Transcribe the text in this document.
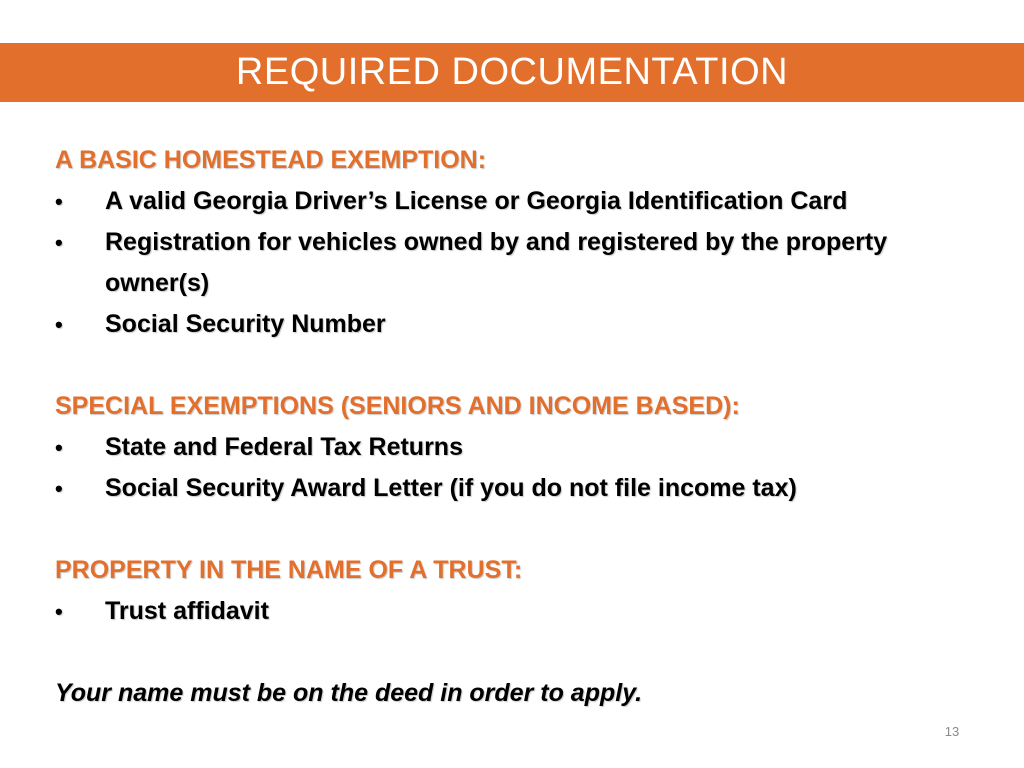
REQUIRED DOCUMENTATION
A BASIC HOMESTEAD EXEMPTION:
•	A valid Georgia Driver’s License or Georgia Identification Card
•	Registration for vehicles owned by and registered by the property owner(s)
•	Social Security Number
SPECIAL EXEMPTIONS (SENIORS AND INCOME BASED):
•	State and Federal Tax Returns
•	Social Security Award Letter (if you do not file income tax)
PROPERTY IN THE NAME OF A TRUST:
•	Trust affidavit
Your name must be on the deed in order to apply.
13
